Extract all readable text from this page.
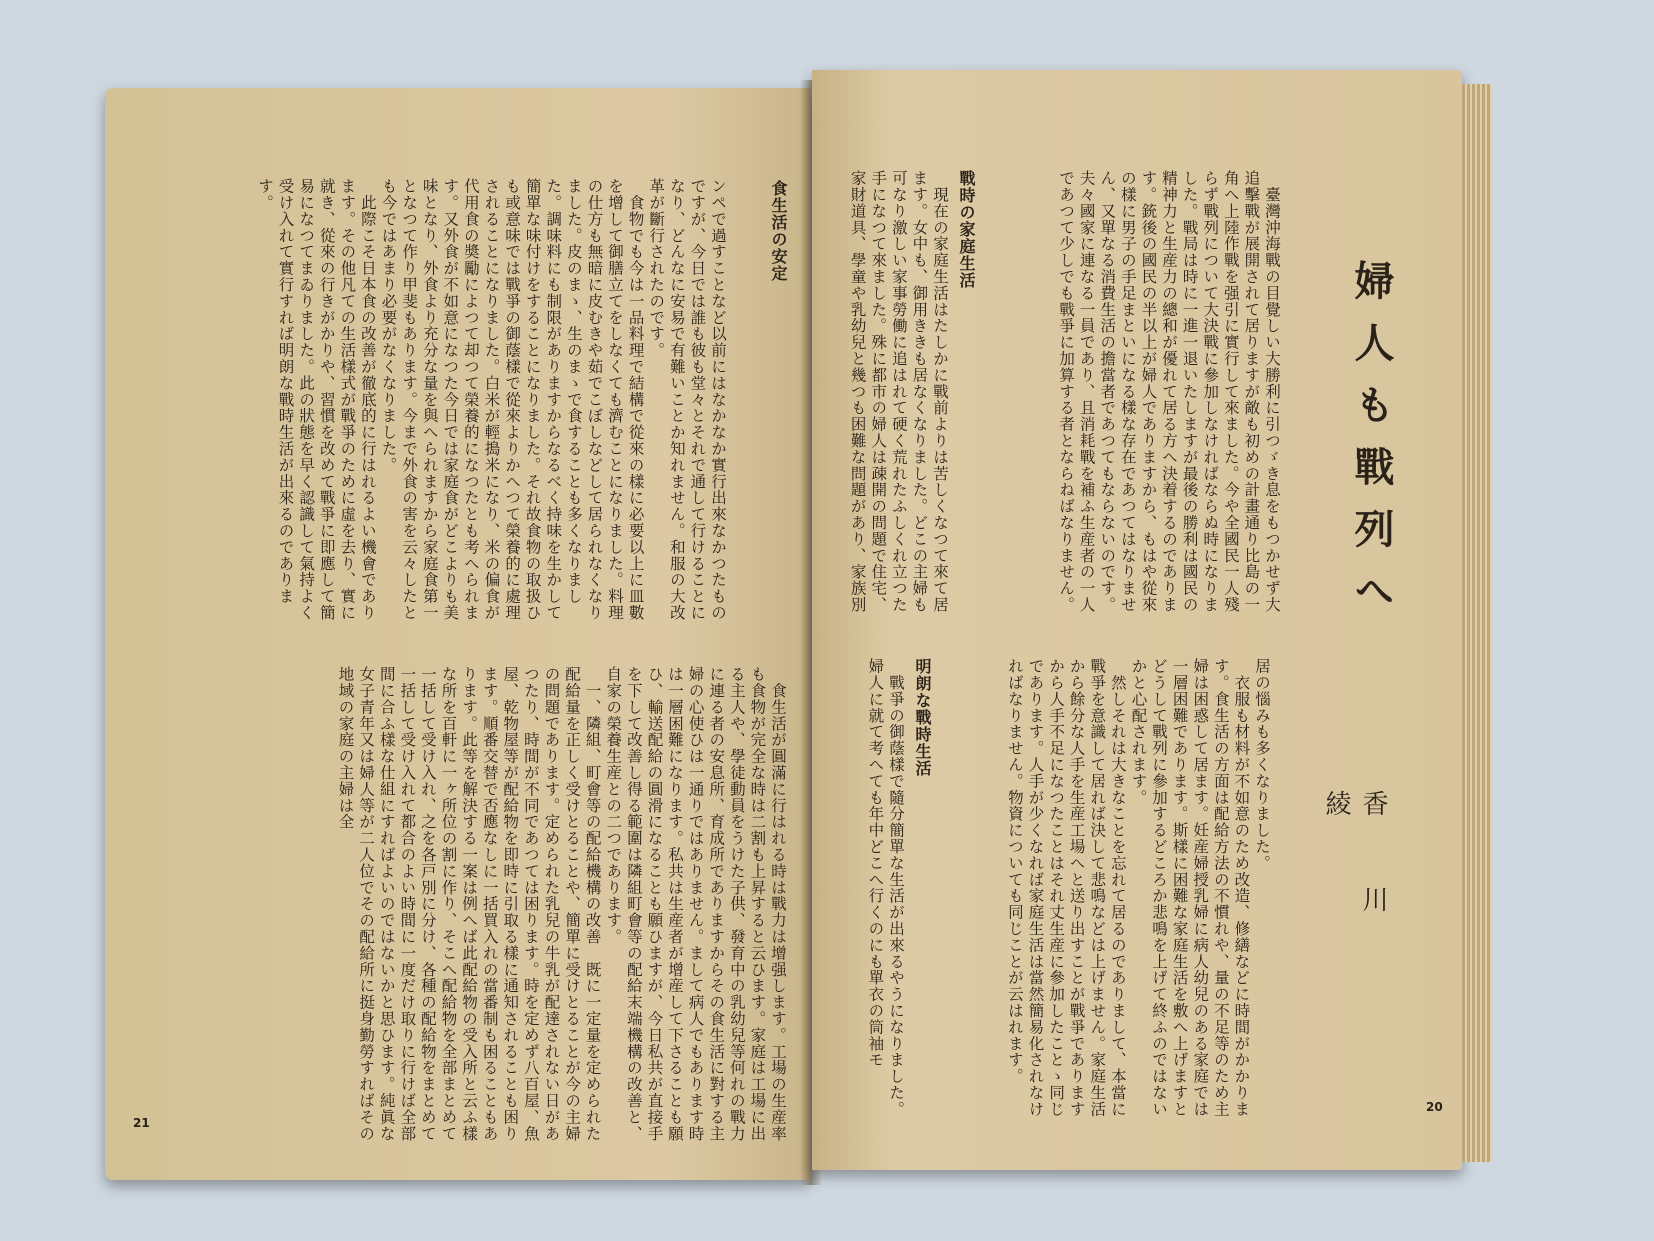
ンペで過すことなど以前にはなかなか實行出來なかつたものですが、今日では誰も彼も堂々とそれで通して行けることになり、どんなに安易で有難いことか知れません。和服の大改革が斷行されたのです。
　食物でも今は一品料理で結構で從來の樣に必要以上に皿數を增して御膳立てをしなくても濟むことになりました。料理の仕方も無暗に皮むきや茹でこぼしなどして居られなくなりました。皮のまゝ、生のまゝで食することも多くなりました。調味料にも制限がありますからなるべく持味を生かして簡單な味付けをすることになりました。それ故食物の取扱ひも或意味では戰爭の御蔭樣で從來よりかへつて榮養的に處理されることになりました。白米が輕搗米になり、米の偏食が代用食の奬勵によつて却つて榮養的になつたとも考へられます。又外食が不如意になつた今日では家庭食がどこよりも美味となり、外食より充分な量を與へられますから家庭食第一となつて作り甲斐もあります。今まで外食の害を云々したとも今ではあまり必要がなくなりました。
　此際こそ日本食の改善が徹底的に行はれるよい機會であります。その他凡ての生活樣式が戰爭のために虛を去り、實に就き、從來の行きがかりや、習慣を改めて戰爭に即應して簡易になつてまゐりました。此の狀態を早く認識して氣持よく受け入れて實行すれば明朗な戰時生活が出來るのであります。	食生活の安定
　食生活が圓滿に行はれる時は戰力は增强します。工場の生産率も食物が完全な時は二割も上昇すると云ひます。家庭は工場に出る主人や、學徒動員をうけた子供、發育中の乳幼兒等何れの戰力に連る者の安息所、育成所でありますからその食生活に對する主婦の心使ひは一通りではありません。まして病人でもあります時は一層困難になります。私共は生産者が增産して下さることも願ひ、輸送配給の圓滑になることも願ひますが、今日私共が直接手を下して改善し得る範圍は隣組町會等の配給末端機構の改善と、自家の榮養生産との二つであります。
　一、隣組、町會等の配給機構の改善　既に一定量を定められた配給量を正しく受けとることや、簡單に受けとることが今の主婦の問題であります。定められた乳兒の牛乳が配達されない日があつたり、時間が不同であつては困ります。時を定めず八百屋、魚屋、乾物屋等が配給物を即時に引取る樣に通知されることも困ります。順番交替で否應なしに一括買入れの當番制も困ることもあります。此等を解決する一案は例へば此配給物の受入所と云ふ樣な所を百軒に一ヶ所位の割に作り、そこへ配給物を全部まとめて一括して受け入れ、之を各戸別に分け、各種の配給物をまとめて一括して受け入れて都合のよい時間に一度だけ取りに行けば全部間に合ふ樣な仕組にすればよいのではないかと思ひます。純眞な女子青年又は婦人等が二人位でその配給所に挺身勤勞すればその地域の家庭の主婦は全
21
婦人も戰列へ
香川綾
　臺灣沖海戰の目覺しい大勝利に引つゞき息をもつかせず大追擊戰が展開されて居りますが敵も初めの計畫通り比島の一角へ上陸作戰を强引に實行して來ました。今や全國民一人殘らず戰列について大決戰に參加しなければならぬ時になりました。戰局は時に一進一退いたしますが最後の勝利は國民の精神力と生産力の總和が優れて居る方へ決着するのであります。銃後の國民の半以上が婦人でありますから、もはや從來の樣に男子の手足まといになる樣な存在であつてはなりません、又單なる消費生活の擔當者であつてもならないのです。夫々國家に連なる一員であり、且消耗戰を補ふ生産者の一人であつて少しでも戰爭に加算する者とならねばなりません。
戰時の家庭生活
　現在の家庭生活はたしかに戰前よりは苦しくなつて來て居ます。女中も、御用ききも居なくなりました。どこの主婦も可なり激しい家事勞働に追はれて硬く荒れたふしくれ立つた手になつて來ました。殊に都市の婦人は疎開の問題で住宅、家財道具、學童や乳幼兒と幾つも困難な問題があり、家族別
居の惱みも多くなりました。
　衣服も材料が不如意のため改造、修繕などに時間がかかります。食生活の方面は配給方法の不慣れや、量の不足等のため主婦は困惑して居ます。妊産婦授乳婦に病人幼兒のある家庭では一層困難であります。斯樣に困難な家庭生活を敷へ上げますとどうして戰列に參加するどころか悲鳴を上げて終ふのではないかと心配されます。
　然しそれは大きなことを忘れて居るのでありまして、本當に戰爭を意識して居れば決して悲鳴などは上げません。家庭生活から餘分な人手を生産工場へと送り出すことが戰爭でありますから人手不足になつたことはそれ丈生産に參加したことゝ同じであります。人手が少くなれば家庭生活は當然簡易化されなければなりません。物資についても同じことが云はれます。
明朗な戰時生活
　戰爭の御蔭樣で隨分簡單な生活が出來るやうになりました。婦人に就て考へても年中どこへ行くのにも單衣の筒袖モ
20
